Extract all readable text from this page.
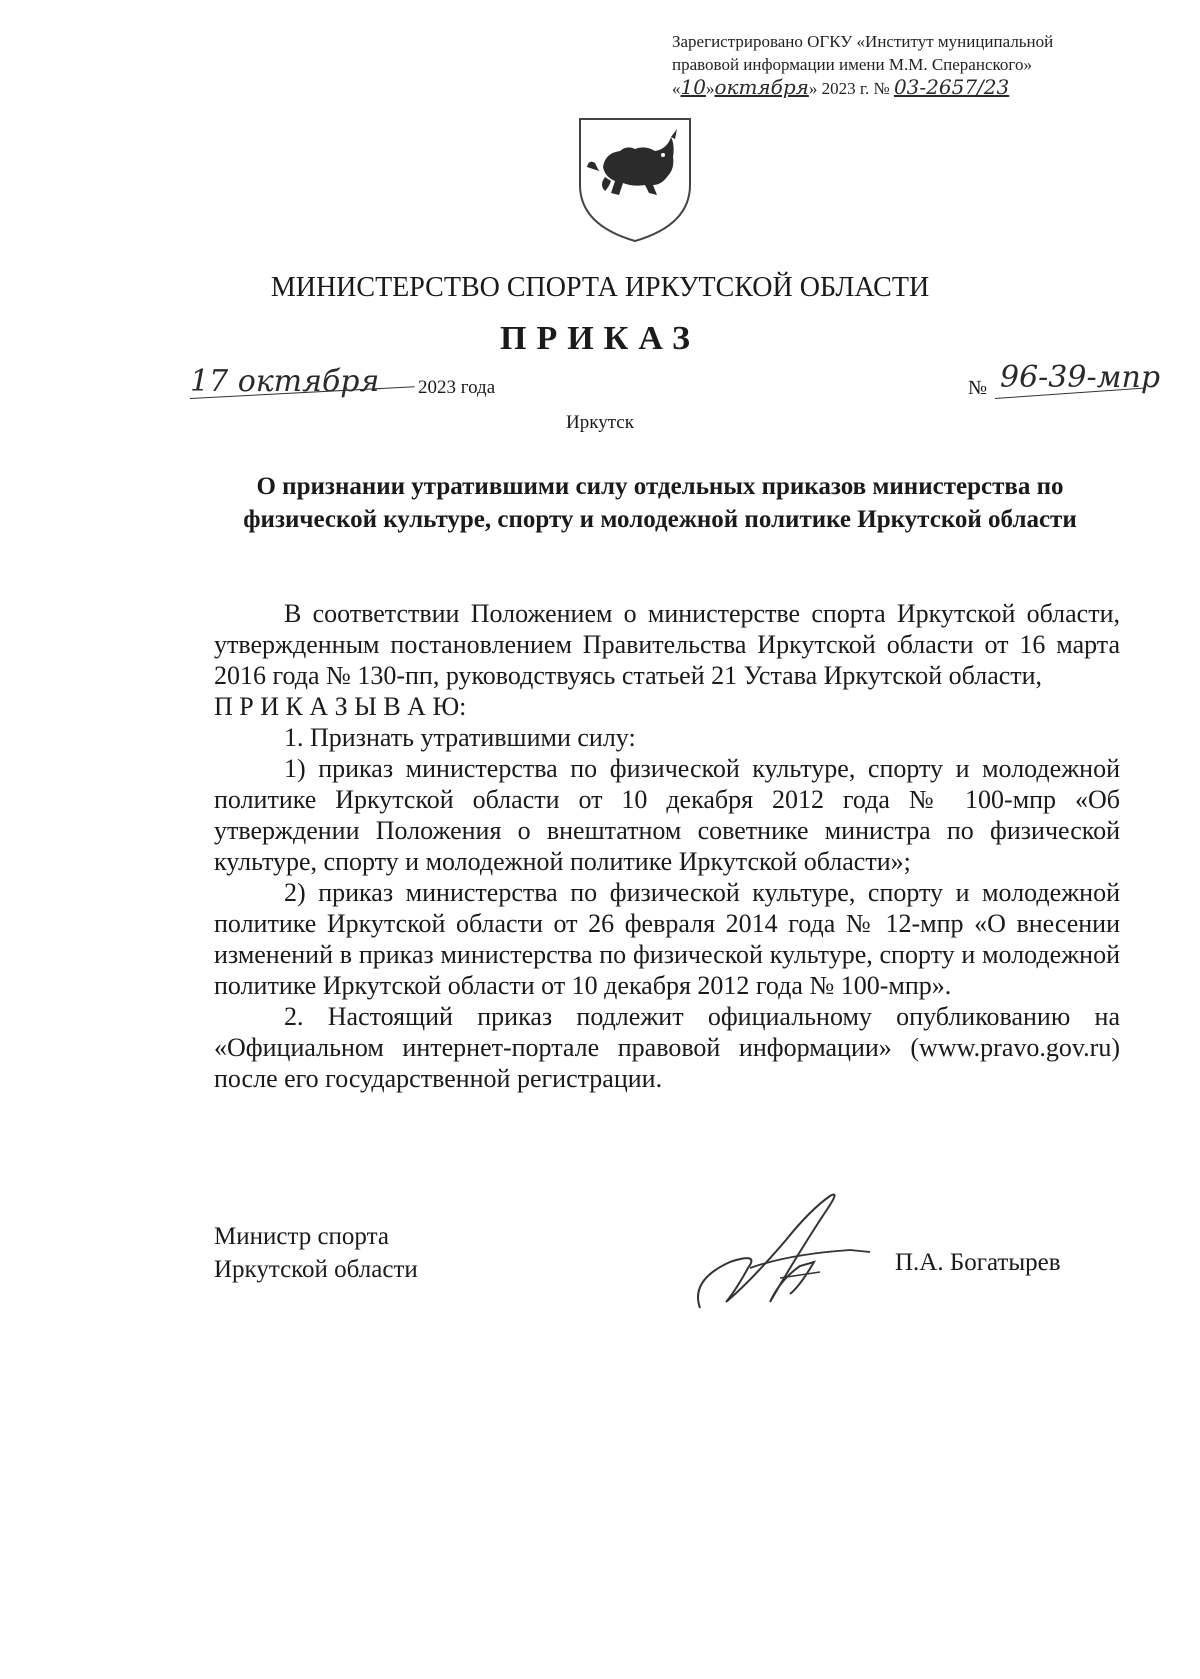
Зарегистрировано ОГКУ «Институт муниципальной
правовой информации имени М.М. Сперанского»
«10»октября» 2023 г. № 03-2657/23
МИНИСТЕРСТВО СПОРТА ИРКУТСКОЙ ОБЛАСТИ
ПРИКАЗ
17 октября 2023 года	№ 96-39-мпр
Иркутск
О признании утратившими силу отдельных приказов министерства по физической культуре, спорту и молодежной политике Иркутской области

В соответствии Положением о министерстве спорта Иркутской области, утвержденным постановлением Правительства Иркутской области от 16 марта 2016 года № 130-пп, руководствуясь статьей 21 Устава Иркутской области,

П Р И К А З Ы В А Ю:

1. Признать утратившими силу:

1) приказ министерства по физической культуре, спорту и молодежной политике Иркутской области от 10 декабря 2012 года № 100-мпр «Об утверждении Положения о внештатном советнике министра по физической культуре, спорту и молодежной политике Иркутской области»;

2) приказ министерства по физической культуре, спорту и молодежной политике Иркутской области от 26 февраля 2014 года № 12-мпр «О внесении изменений в приказ министерства по физической культуре, спорту и молодежной политике Иркутской области от 10 декабря 2012 года № 100-мпр».

2. Настоящий приказ подлежит официальному опубликованию на «Официальном интернет-портале правовой информации» (www.pravo.gov.ru) после его государственной регистрации.

Министр спорта
Иркутской области	П.А. Богатырев
